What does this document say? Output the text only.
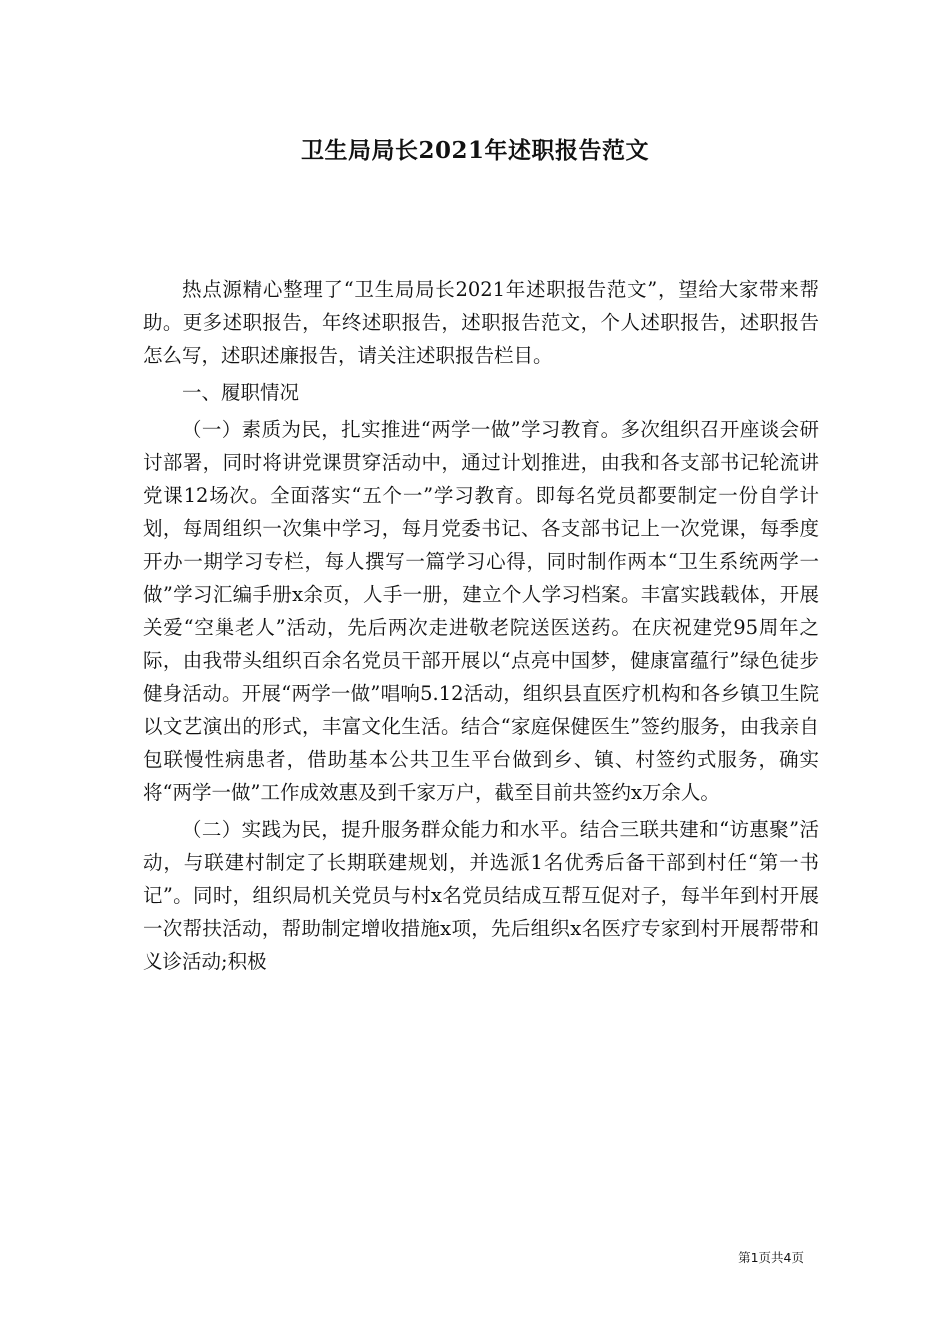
卫生局局长2021年述职报告范文

热点源精心整理了“卫生局局长2021年述职报告范文”，望给大家带来帮助。更多述职报告，年终述职报告，述职报告范文，个人述职报告，述职报告怎么写，述职述廉报告，请关注述职报告栏目。

一、履职情况

（一）素质为民，扎实推进“两学一做”学习教育。多次组织召开座谈会研讨部署，同时将讲党课贯穿活动中，通过计划推进，由我和各支部书记轮流讲党课12场次。全面落实“五个一”学习教育。即每名党员都要制定一份自学计划，每周组织一次集中学习，每月党委书记、各支部书记上一次党课，每季度开办一期学习专栏，每人撰写一篇学习心得，同时制作两本“卫生系统两学一做”学习汇编手册x余页，人手一册，建立个人学习档案。丰富实践载体，开展关爱“空巢老人”活动，先后两次走进敬老院送医送药。在庆祝建党95周年之际，由我带头组织百余名党员干部开展以“点亮中国梦，健康富蕴行”绿色徒步健身活动。开展“两学一做”唱响5.12活动，组织县直医疗机构和各乡镇卫生院以文艺演出的形式，丰富文化生活。结合“家庭保健医生”签约服务，由我亲自包联慢性病患者，借助基本公共卫生平台做到乡、镇、村签约式服务，确实将“两学一做”工作成效惠及到千家万户，截至目前共签约x万余人。

（二）实践为民，提升服务群众能力和水平。结合三联共建和“访惠聚”活动，与联建村制定了长期联建规划，并选派1名优秀后备干部到村任“第一书记”。同时，组织局机关党员与村x名党员结成互帮互促对子，每半年到村开展一次帮扶活动，帮助制定增收措施x项，先后组织x名医疗专家到村开展帮带和义诊活动;积极

第1页共4页
